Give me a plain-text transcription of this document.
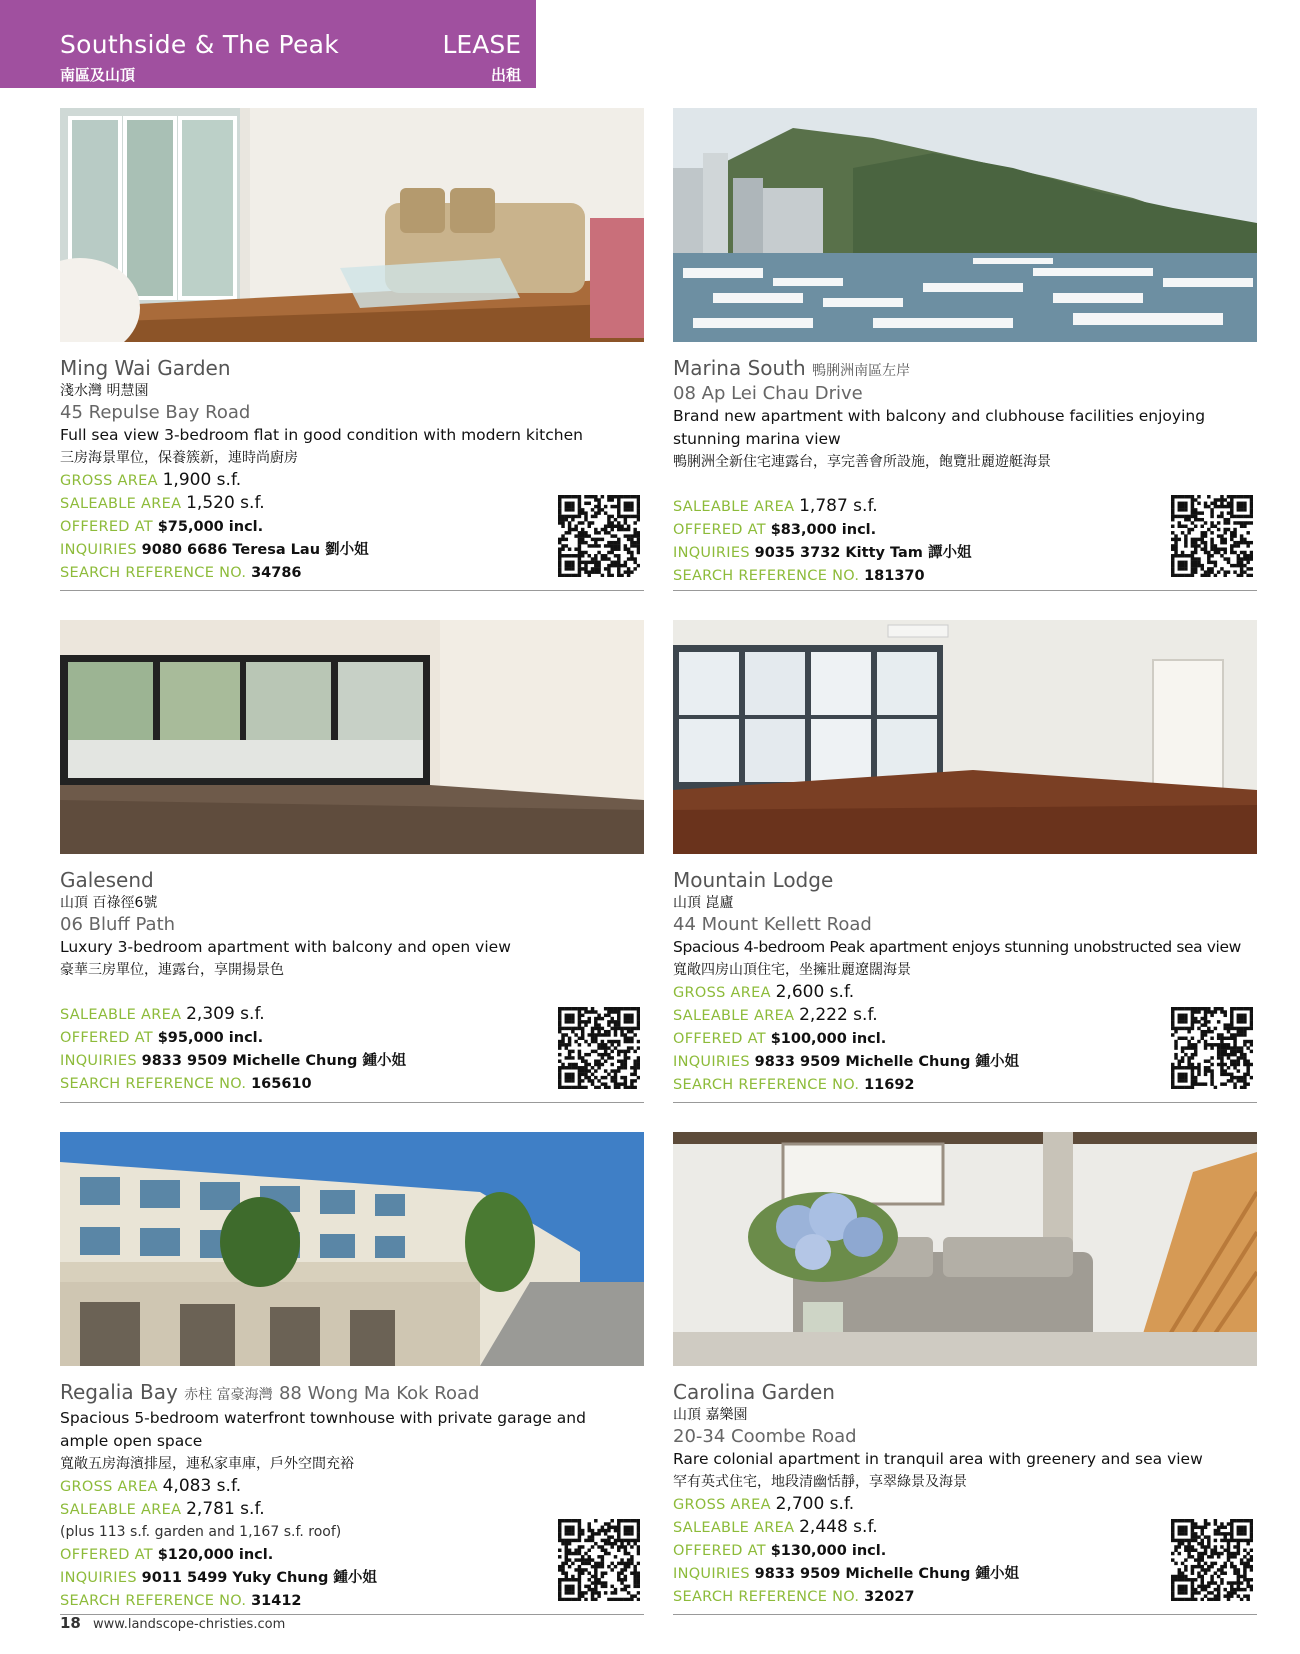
Southside & The Peak
南區及山頂
LEASE
出租
Ming Wai Garden
淺水灣 明慧園
45 Repulse Bay Road
Full sea view 3-bedroom flat in good condition with modern kitchen
三房海景單位，保養簇新，連時尚廚房
GROSS AREA 1,900 s.f.
SALEABLE AREA 1,520 s.f.
OFFERED AT $75,000 incl.
INQUIRIES 9080 6686 Teresa Lau 劉小姐
SEARCH REFERENCE NO. 34786
Marina South 鴨脷洲南區左岸
08 Ap Lei Chau Drive
Brand new apartment with balcony and clubhouse facilities enjoying stunning marina view
鴨脷洲全新住宅連露台，享完善會所設施，飽覽壯麗遊艇海景
SALEABLE AREA 1,787 s.f.
OFFERED AT $83,000 incl.
INQUIRIES 9035 3732 Kitty Tam 譚小姐
SEARCH REFERENCE NO. 181370
Galesend
山頂 百祿徑6號
06 Bluff Path
Luxury 3-bedroom apartment with balcony and open view
豪華三房單位，連露台，享開揚景色
SALEABLE AREA 2,309 s.f.
OFFERED AT $95,000 incl.
INQUIRIES 9833 9509 Michelle Chung 鍾小姐
SEARCH REFERENCE NO. 165610
Mountain Lodge
山頂 崑廬
44 Mount Kellett Road
Spacious 4-bedroom Peak apartment enjoys stunning unobstructed sea view
寬敞四房山頂住宅，坐擁壯麗遼闊海景
GROSS AREA 2,600 s.f.
SALEABLE AREA 2,222 s.f.
OFFERED AT $100,000 incl.
INQUIRIES 9833 9509 Michelle Chung 鍾小姐
SEARCH REFERENCE NO. 11692
Regalia Bay 赤柱 富豪海灣 88 Wong Ma Kok Road
Spacious 5-bedroom waterfront townhouse with private garage and ample open space
寬敞五房海濱排屋，連私家車庫，戶外空間充裕
GROSS AREA 4,083 s.f.
SALEABLE AREA 2,781 s.f.
(plus 113 s.f. garden and 1,167 s.f. roof)
OFFERED AT $120,000 incl.
INQUIRIES 9011 5499 Yuky Chung 鍾小姐
SEARCH REFERENCE NO. 31412
Carolina Garden
山頂 嘉樂園
20-34 Coombe Road
Rare colonial apartment in tranquil area with greenery and sea view
罕有英式住宅，地段清幽恬靜，享翠綠景及海景
GROSS AREA 2,700 s.f.
SALEABLE AREA 2,448 s.f.
OFFERED AT $130,000 incl.
INQUIRIES 9833 9509 Michelle Chung 鍾小姐
SEARCH REFERENCE NO. 32027
18 www.landscope-christies.com
